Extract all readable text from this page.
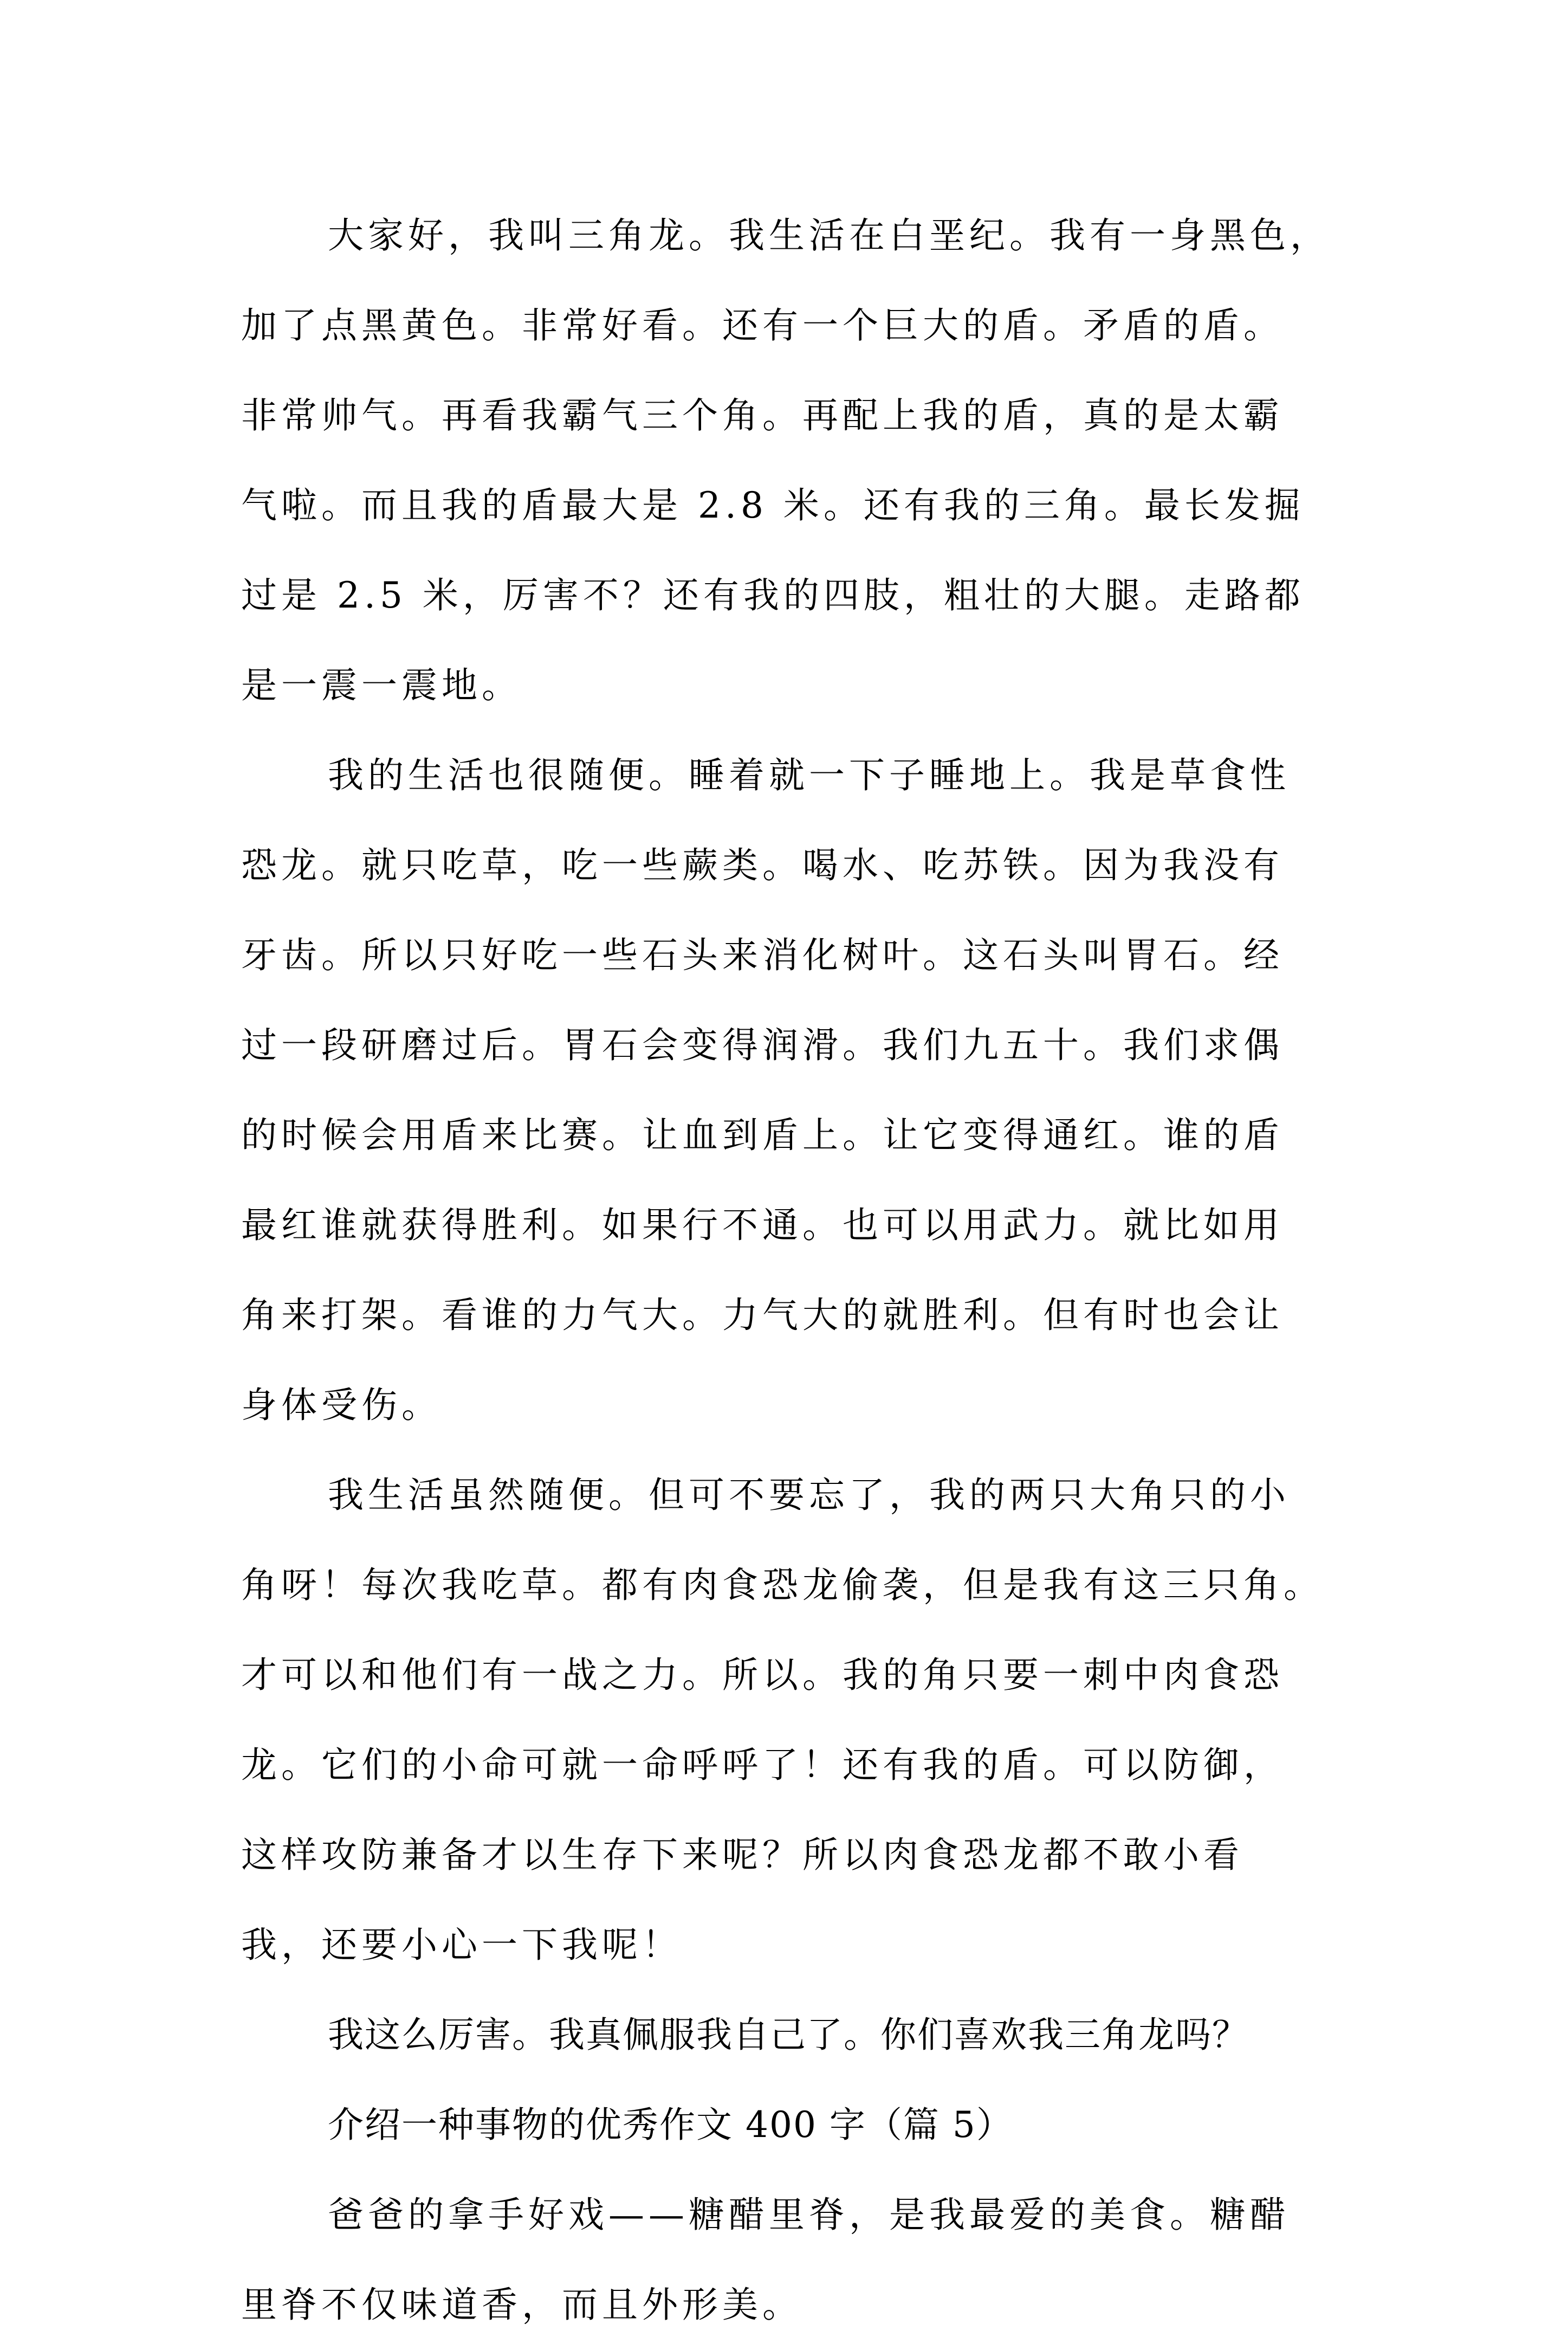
大家好，我叫三角龙。我生活在白垩纪。我有一身黑色，
加了点黑黄色。非常好看。还有一个巨大的盾。矛盾的盾。
非常帅气。再看我霸气三个角。再配上我的盾，真的是太霸
气啦。而且我的盾最大是 2.8 米。还有我的三角。最长发掘
过是 2.5 米，厉害不？还有我的四肢，粗壮的大腿。走路都
是一震一震地。

我的生活也很随便。睡着就一下子睡地上。我是草食性
恐龙。就只吃草，吃一些蕨类。喝水、吃苏铁。因为我没有
牙齿。所以只好吃一些石头来消化树叶。这石头叫胃石。经
过一段研磨过后。胃石会变得润滑。我们九五十。我们求偶
的时候会用盾来比赛。让血到盾上。让它变得通红。谁的盾
最红谁就获得胜利。如果行不通。也可以用武力。就比如用
角来打架。看谁的力气大。力气大的就胜利。但有时也会让
身体受伤。

我生活虽然随便。但可不要忘了，我的两只大角只的小
角呀！每次我吃草。都有肉食恐龙偷袭，但是我有这三只角。
才可以和他们有一战之力。所以。我的角只要一刺中肉食恐
龙。它们的小命可就一命呼呼了！还有我的盾。可以防御，
这样攻防兼备才以生存下来呢？所以肉食恐龙都不敢小看
我，还要小心一下我呢！

我这么厉害。我真佩服我自己了。你们喜欢我三角龙吗？

介绍一种事物的优秀作文 400 字（篇 5）

爸爸的拿手好戏——糖醋里脊，是我最爱的美食。糖醋
里脊不仅味道香，而且外形美。
